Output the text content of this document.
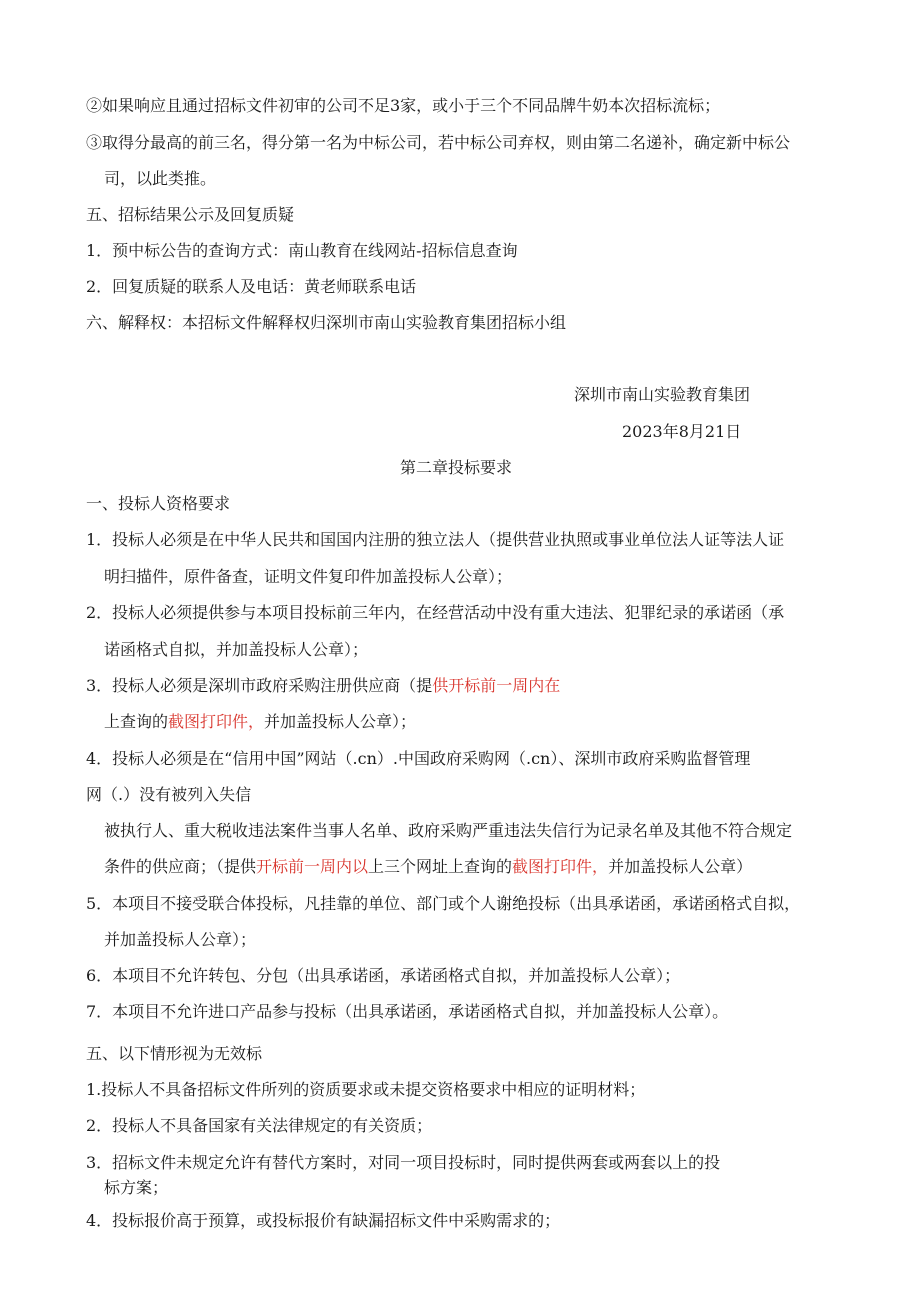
②如果响应且通过招标文件初审的公司不足3家，或小于三个不同品牌牛奶本次招标流标；
③取得分最高的前三名，得分第一名为中标公司，若中标公司弃权，则由第二名递补，确定新中标公
司，以此类推。
五、招标结果公示及回复质疑
1．预中标公告的查询方式：南山教育在线网站-招标信息查询
2．回复质疑的联系人及电话：黄老师联系电话
六、解释权：本招标文件解释权归深圳市南山实验教育集团招标小组
深圳市南山实验教育集团
2023年8月21日
第二章投标要求
一、投标人资格要求
1．投标人必须是在中华人民共和国国内注册的独立法人（提供营业执照或事业单位法人证等法人证
明扫描件，原件备查，证明文件复印件加盖投标人公章）；
2．投标人必须提供参与本项目投标前三年内，在经营活动中没有重大违法、犯罪纪录的承诺函（承
诺函格式自拟，并加盖投标人公章）；
3．投标人必须是深圳市政府采购注册供应商（提供开标前一周内在
上查询的截图打印件，并加盖投标人公章）；
4．投标人必须是在“信用中国”网站（.cn）.中国政府采购网（.cn）、深圳市政府采购监督管理
网（.）没有被列入失信
被执行人、重大税收违法案件当事人名单、政府采购严重违法失信行为记录名单及其他不符合规定
条件的供应商；（提供开标前一周内以上三个网址上查询的截图打印件，并加盖投标人公章）
5．本项目不接受联合体投标，凡挂靠的单位、部门或个人谢绝投标（出具承诺函，承诺函格式自拟，
并加盖投标人公章）；
6．本项目不允许转包、分包（出具承诺函，承诺函格式自拟，并加盖投标人公章）；
7．本项目不允许进口产品参与投标（出具承诺函，承诺函格式自拟，并加盖投标人公章）。
五、以下情形视为无效标
1.投标人不具备招标文件所列的资质要求或未提交资格要求中相应的证明材料；
2．投标人不具备国家有关法律规定的有关资质；
3．招标文件未规定允许有替代方案时，对同一项目投标时，同时提供两套或两套以上的投
标方案；
4．投标报价高于预算，或投标报价有缺漏招标文件中采购需求的；
